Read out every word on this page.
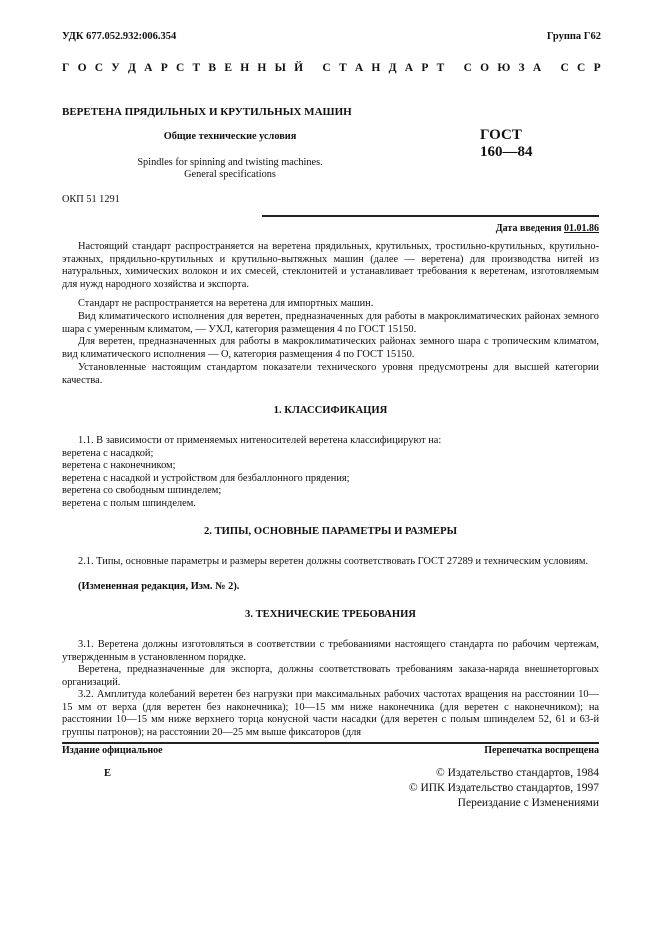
УДК 677.052.932:006.354	Группа Г62
Г О С У Д А Р С Т В Е Н Н Ы Й
С Т А Н Д А Р Т
С О Ю З А
С С Р
ВЕРЕТЕНА ПРЯДИЛЬНЫХ И КРУТИЛЬНЫХ МАШИН
Общие технические условия
Spindles for spinning and twisting machines.
General specifications
ГОСТ
160—84
ОКП 51 1291
Дата введения 01.01.86

Настоящий стандарт распространяется на веретена прядильных, крутильных, тростильно-крутильных, крутильно-этажных, прядильно-крутильных и крутильно-вытяжных машин (далее — веретена) для производства нитей из натуральных, химических волокон и их смесей, стеклонитей и устанавливает требования к веретенам, изготовляемым для нужд народного хозяйства и экспорта.

Стандарт не распространяется на веретена для импортных машин.

Вид климатического исполнения для веретен, предназначенных для работы в макроклиматических районах земного шара с умеренным климатом, — УХЛ, категория размещения 4 по ГОСТ 15150.

Для веретен, предназначенных для работы в макроклиматических районах земного шара с тропическим климатом, вид климатического исполнения — О, категория размещения 4 по ГОСТ 15150.

Установленные настоящим стандартом показатели технического уровня предусмотрены для высшей категории качества.

1. КЛАССИФИКАЦИЯ

1.1. В зависимости от применяемых нитеносителей веретена классифицируют на:

веретена с насадкой;
веретена с наконечником;
веретена с насадкой и устройством для безбаллонного прядения;
веретена со свободным шпинделем;
веретена с полым шпинделем.
2. ТИПЫ, ОСНОВНЫЕ ПАРАМЕТРЫ И РАЗМЕРЫ

2.1. Типы, основные параметры и размеры веретен должны соответствовать ГОСТ 27289 и техническим условиям.

(Измененная редакция, Изм. № 2).
3. ТЕХНИЧЕСКИЕ ТРЕБОВАНИЯ

3.1. Веретена должны изготовляться в соответствии с требованиями настоящего стандарта по рабочим чертежам, утвержденным в установленном порядке.

Веретена, предназначенные для экспорта, должны соответствовать требованиям заказа-наряда внешнеторговых организаций.

3.2. Амплитуда колебаний веретен без нагрузки при максимальных рабочих частотах вращения на расстоянии 10—15 мм от верха (для веретен без наконечника); 10—15 мм ниже наконечника (для веретен с наконечником); на расстоянии 10—15 мм ниже верхнего торца конусной части насадки (для веретен с полым шпинделем 52, 61 и 63-й группы патронов); на расстоянии 20—25 мм выше фиксаторов (для

Издание официальное	Перепечатка воспрещена
Е	© Издательство стандартов, 1984
© ИПК Издательство стандартов, 1997
Переиздание с Изменениями
